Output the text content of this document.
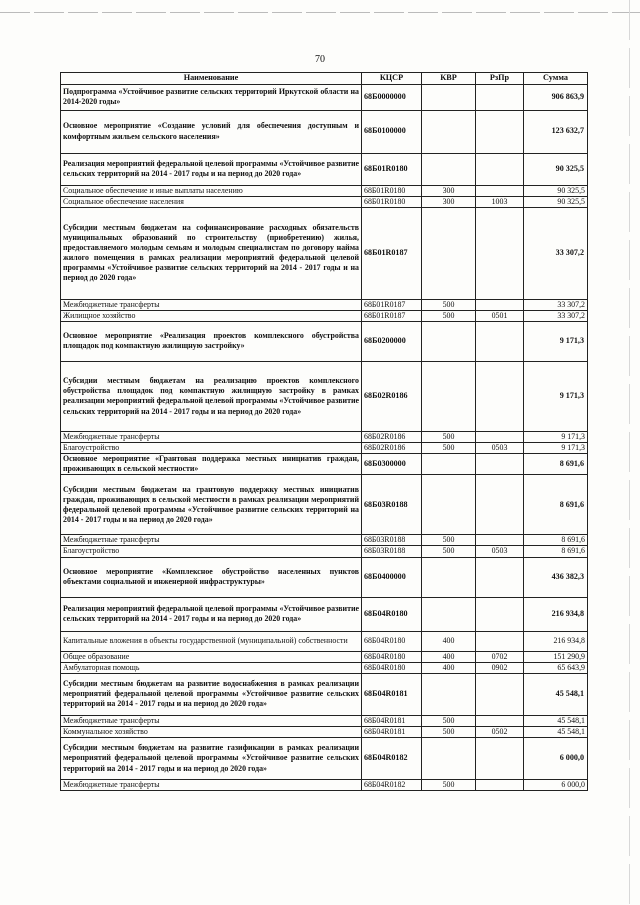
70
Наименование	КЦСР	КВР	РзПр	Сумма
Подпрограмма «Устойчивое развитие сельских территорий Иркутской области на 2014-2020 годы»	68Б0000000			906 863,9
Основное мероприятие «Создание условий для обеспечения доступным и комфортным жильем сельского населения»	68Б0100000			123 632,7
Реализация мероприятий федеральной целевой программы «Устойчивое развитие сельских территорий на 2014 - 2017 годы и на период до 2020 года»	68Б01R0180			90 325,5
Социальное обеспечение и иные выплаты населению	68Б01R0180	300		90 325,5
Социальное обеспечение населения	68Б01R0180	300	1003	90 325,5
Субсидии местным бюджетам на софинансирование расходных обязательств муниципальных образований по строительству (приобретению) жилья, предоставляемого молодым семьям и молодым специалистам по договору найма жилого помещения в рамках реализации мероприятий федеральной целевой программы «Устойчивое развитие сельских территорий на 2014 - 2017 годы и на период до 2020 года»	68Б01R0187			33 307,2
Межбюджетные трансферты	68Б01R0187	500		33 307,2
Жилищное хозяйство	68Б01R0187	500	0501	33 307,2
Основное мероприятие «Реализация проектов комплексного обустройства площадок под компактную жилищную застройку»	68Б0200000			9 171,3
Субсидии местным бюджетам на реализацию проектов комплексного обустройства площадок под компактную жилищную застройку в рамках реализации мероприятий федеральной целевой программы «Устойчивое развитие сельских территорий на 2014 - 2017 годы и на период до 2020 года»	68Б02R0186			9 171,3
Межбюджетные трансферты	68Б02R0186	500		9 171,3
Благоустройство	68Б02R0186	500	0503	9 171,3
Основное мероприятие «Грантовая поддержка местных инициатив граждан, проживающих в сельской местности»	68Б0300000			8 691,6
Субсидии местным бюджетам на грантовую поддержку местных инициатив граждан, проживающих в сельской местности в рамках реализации мероприятий федеральной целевой программы «Устойчивое развитие сельских территорий на 2014 - 2017 годы и на период до 2020 года»	68Б03R0188			8 691,6
Межбюджетные трансферты	68Б03R0188	500		8 691,6
Благоустройство	68Б03R0188	500	0503	8 691,6
Основное мероприятие «Комплексное обустройство населенных пунктов объектами социальной и инженерной инфраструктуры»	68Б0400000			436 382,3
Реализация мероприятий федеральной целевой программы «Устойчивое развитие сельских территорий на 2014 - 2017 годы и на период до 2020 года»	68Б04R0180			216 934,8
Капитальные вложения в объекты государственной (муниципальной) собственности	68Б04R0180	400		216 934,8
Общее образование	68Б04R0180	400	0702	151 290,9
Амбулаторная помощь	68Б04R0180	400	0902	65 643,9
Субсидии местным бюджетам на развитие водоснабжения в рамках реализации мероприятий федеральной целевой программы «Устойчивое развитие сельских территорий на 2014 - 2017 годы и на период до 2020 года»	68Б04R0181			45 548,1
Межбюджетные трансферты	68Б04R0181	500		45 548,1
Коммунальное хозяйство	68Б04R0181	500	0502	45 548,1
Субсидии местным бюджетам на развитие газификации в рамках реализации мероприятий федеральной целевой программы «Устойчивое развитие сельских территорий на 2014 - 2017 годы и на период до 2020 года»	68Б04R0182			6 000,0
Межбюджетные трансферты	68Б04R0182	500		6 000,0
